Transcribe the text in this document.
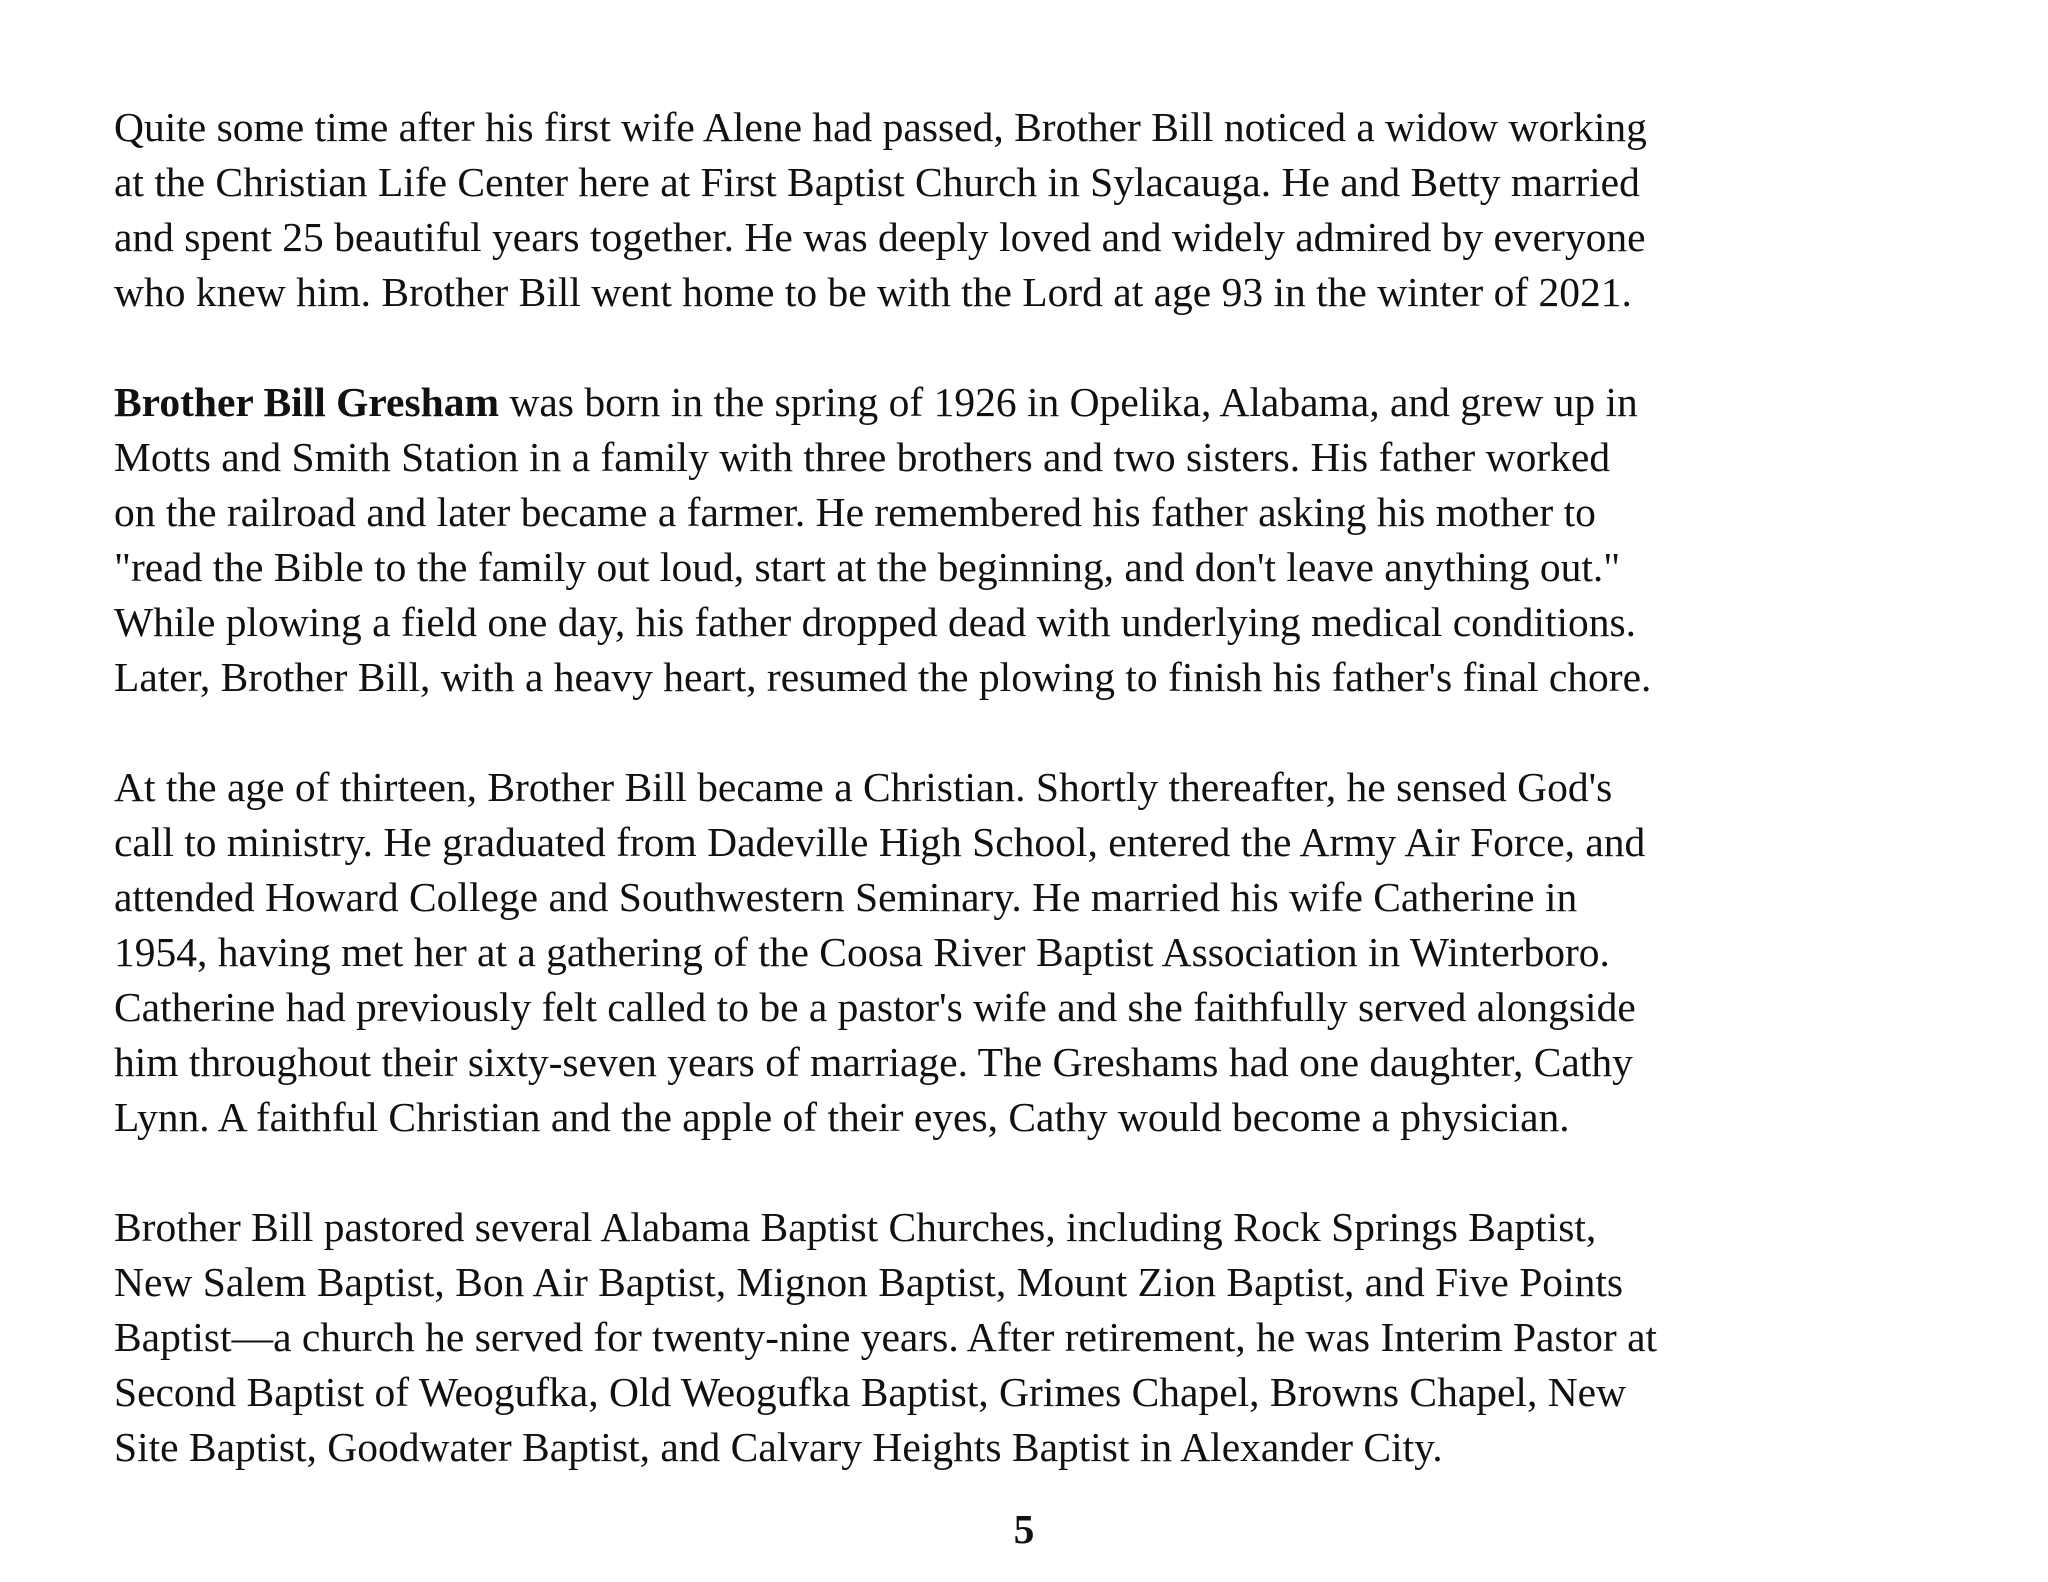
Quite some time after his first wife Alene had passed, Brother Bill noticed a widow working
at the Christian Life Center here at First Baptist Church in Sylacauga. He and Betty married
and spent 25 beautiful years together. He was deeply loved and widely admired by everyone
who knew him. Brother Bill went home to be with the Lord at age 93 in the winter of 2021.
Brother Bill Gresham was born in the spring of 1926 in Opelika, Alabama, and grew up in
Motts and Smith Station in a family with three brothers and two sisters. His father worked
on the railroad and later became a farmer. He remembered his father asking his mother to
"read the Bible to the family out loud, start at the beginning, and don't leave anything out."
While plowing a field one day, his father dropped dead with underlying medical conditions.
Later, Brother Bill, with a heavy heart, resumed the plowing to finish his father's final chore.
At the age of thirteen, Brother Bill became a Christian. Shortly thereafter, he sensed God's
call to ministry. He graduated from Dadeville High School, entered the Army Air Force, and
attended Howard College and Southwestern Seminary. He married his wife Catherine in
1954, having met her at a gathering of the Coosa River Baptist Association in Winterboro.
Catherine had previously felt called to be a pastor's wife and she faithfully served alongside
him throughout their sixty-seven years of marriage. The Greshams had one daughter, Cathy
Lynn. A faithful Christian and the apple of their eyes, Cathy would become a physician.
Brother Bill pastored several Alabama Baptist Churches, including Rock Springs Baptist,
New Salem Baptist, Bon Air Baptist, Mignon Baptist, Mount Zion Baptist, and Five Points
Baptist—a church he served for twenty-nine years. After retirement, he was Interim Pastor at
Second Baptist of Weogufka, Old Weogufka Baptist, Grimes Chapel, Browns Chapel, New
Site Baptist, Goodwater Baptist, and Calvary Heights Baptist in Alexander City.
5
